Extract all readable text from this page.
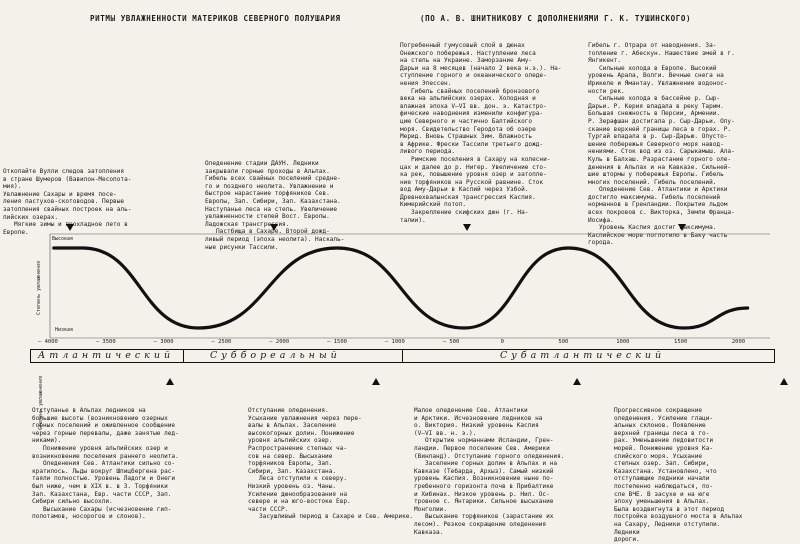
РИТМЫ УВЛАЖНЕННОСТИ МАТЕРИКОВ СЕВЕРНОГО ПОЛУШАРИЯ	(ПО А. В. ШНИТНИКОВУ С ДОПОЛНЕНИЯМИ Г. К. ТУШИНСКОГО)
Откопайте Вулли следов затопления
в стране Шумеров (Вавилон-Месопота-
мия).
Увлажнение Сахары и время посе-
ления пастухов-скотоводов. Первые
затопления свайных построек на аль-
пийских озерах.
Мягкие зимы и прохладное лето в
Европе.
Оледенение стадии ДАУН. Ледники
закрывали горные проходы в Альпах.
Гибель всех свайных поселений средне-
го и позднего неолита. Увлажнение и
быстрое нарастание торфяников Сев.
Европы, Зап. Сибири, Зап. Казахстана.
Наступанье леса на степь. Увеличение
увлажненности степей Вост. Европы.
Ладожская трансгрессия.
Пастбища в Сахаре. Второй дожд-
ливый период (эпоха неолита). Наскаль-
ные рисунки Тассили.
Погребенный гумусовый слой в дюнах
Онежского побережья. Наступление леса
на степь на Украине. Заморзание Аму-
Дарьи на 8 месяцев (начало 2 века н.э.). На-
ступление горного и океанического оледе-
нения Эпессен.
Гибель свайных поселений бронзового
века на альпийских озерах. Холодная и
влажная эпоха V—VI вв. дон. э. Катастро-
фические наводнения изменили конфигура-
цию Северного и частично Балтийского
моря. Свидетельство Геродота об озере
Мерид. Вновь Страшных Зим. Влажность
в Африке. Фрески Тассили третьего дожд-
ливого периода.
Римские поселения в Сахару на колесни-
цах и далее до р. Нигер. Увеличение сто-
ка рек, повышение уровня озер и затопле-
ние торфяников на Русской равнине. Сток
вод Аму-Дарьи в Каспий через Узбой.
Древнехвалынская трансгрессия Каспия.
Кимерийский потоп.
Закрепление скифских дюн (г. На-
талии).
Гибель г. Отрара от наводнения. За-
топление г. Абескун. Нашествие змей в г.
Янгикент.
Сильные холода в Европе. Высокий
уровень Арала, Волги. Вечные снега на
Ирикеле и Ямантау. Увлажнение водонос-
ности рек.
Сильные холода в бассейне р. Сыр-
Дарьи. Р. Керия впадала в реку Тарим.
Большая снежность в Персии, Армении.
Р. Зерафшан достигала р. Сыр-Дарьи. Опу-
скание верхней границы леса в горах. Р.
Тургай впадала в р. Сыр-Дарью. Опусто-
шение побережья Северного моря навод-
нениями. Сток вод из оз. Сарыкамыш. Ала-
Куль в Балхаш. Разрастание горного оле-
денения в Альпах и на Кавказе. Сильней-
шие штормы у побережья Европы. Гибель
многих поселений. Гибель поселений.
Оледенение Сев. Атлантики и Арктики
достигло максимума. Гибель поселений
норманнов в Гренландии. Покрытие льдом
всех покровов с. Викторка, Земли Франца-
Иосифа.
Уровень Каспия достиг максимума.
Каспийское море поглотило в Баку часть
города.
Отступанье в Альпах ледников на
большие высоты (возникновение озерных
горных поселений и оживленное сообщение
через горные перевалы, даже занятые лед-
никами).
Понижение уровня альпийских озер и
возникновение поселения раннего неолита.
Оледенения Сев. Атлантики сильно со-
кратилось. Льды вокруг Шпицбергена рас-
таяли полностью. Уровень Ладоги и Онеги
был ниже, чем в XIX в. в 3. Торфяники
Зап. Казахстана, Евр. части СССР, Зап.
Сибири сильно высохли.
Высыхание Сахары (исчезновение гип-
попотамов, носорогов и слонов).
Отступание оледенения.
Усыхание увлажнения через пере-
валы в Альпах. Заселение
высокогорных долин. Понижение
уровня альпийских озер.
Распространение степных ча-
сов на север. Высыхание
торфяников Европы, Зап.
Сибири, Зап. Казахстана.
Леса отступили к северу.
Низкий уровень оз. Чаны.
Усиление дюнообразования на
севере и на юго-востоке Евр.
части СССР.
Засушливый период в Сахаре и Сев. Америке.
Малое оледенение Сев. Атлантики
и Арктики. Исчезновение ледников на
о. Виктория. Низкий уровень Каспия
(V—VI вв. н. э.).
Открытие норманнами Исландии, Грен-
ландии. Первое поселение Сев. Америки
(Винланд). Отступание горного оледенения.
Заселение горных долин в Альпах и на
Кавказе (Тебарда, Архыз). Самый низкий
уровень Каспия. Возникновение ныне по-
гребенного горизонта почв в Прибалтике
и Хибинах. Низкое уровень р. Нил. Ос-
тровное с. Янтарики. Сильное высыхание
Монголии.
Высыхание торфяников (зарастание их
лесом). Резкое сокращение оледенения
Кавказа.
Прогрессивное сокращение
оледенения. Усиление глаци-
альных склонов. Появление
верхней границы леса в го-
рах. Уменьшение ледовитости
морей. Понижение уровня Ка-
спийского моря. Усыхание
степных озер. Зап. Сибири,
Казахстана. Установлено, что
отступающие ледники начали
постепенно наблюдаться, по-
сле ВЧЕ. В засухе и на юге
эпоху уменьшения в Альпах.
Была воздвигнута в этот период
постройка воздушного моста в Альпах
на Сахару, Ледники отступили.
Ледники
дороги.
Высокая
Низкая
Степень увлажнения
— 4000	— 3500	— 3000	— 2500	— 2000	— 1500	— 1000	— 500	0	500	1000	1500	2000
Атлантический	Суббореальный	Субатлантический
Степень увлажнения
